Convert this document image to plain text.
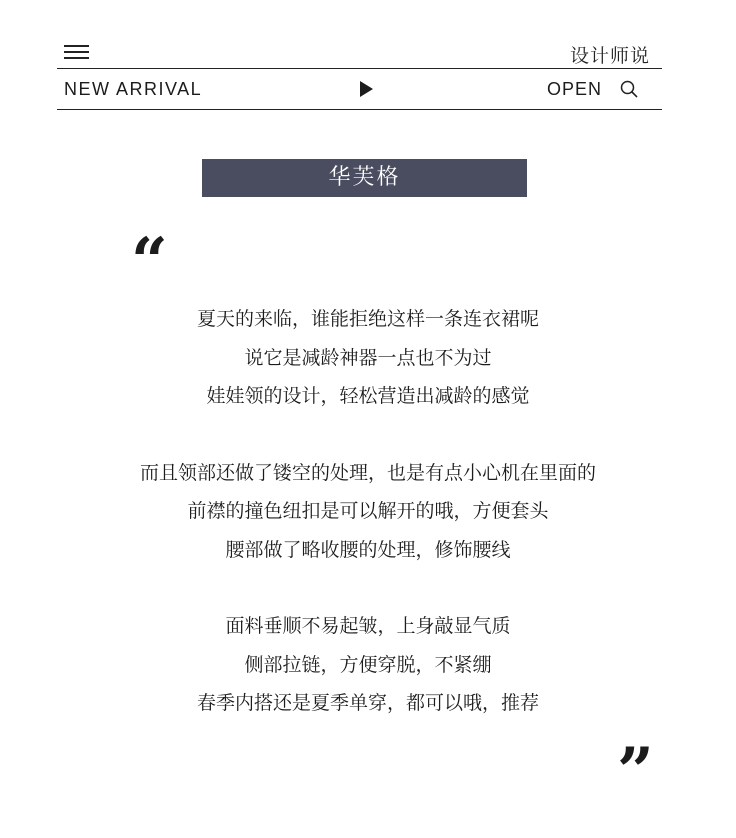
设计师说
NEW ARRIVAL	OPEN
华芙格
“
夏天的来临，谁能拒绝这样一条连衣裙呢
说它是减龄神器一点也不为过
娃娃领的设计，轻松营造出减龄的感觉
而且领部还做了镂空的处理，也是有点小心机在里面的
前襟的撞色纽扣是可以解开的哦，方便套头
腰部做了略收腰的处理，修饰腰线
面料垂顺不易起皱，上身敲显气质
侧部拉链，方便穿脱，不紧绷
春季内搭还是夏季单穿，都可以哦，推荐
”
